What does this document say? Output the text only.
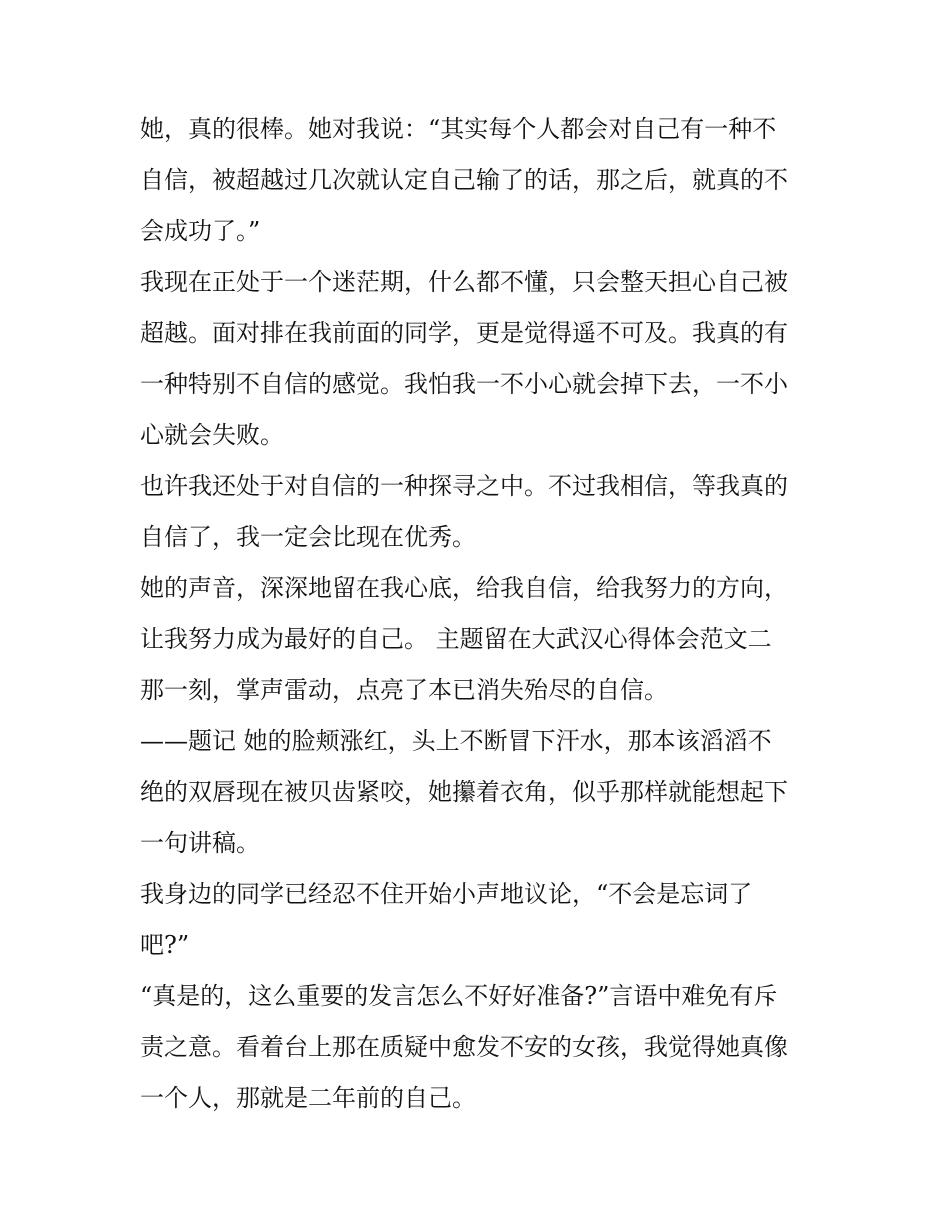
她，真的很棒。她对我说：“其实每个人都会对自己有一种不
自信，被超越过几次就认定自己输了的话，那之后，就真的不
会成功了。”
我现在正处于一个迷茫期，什么都不懂，只会整天担心自己被
超越。面对排在我前面的同学，更是觉得遥不可及。我真的有
一种特别不自信的感觉。我怕我一不小心就会掉下去，一不小
心就会失败。
也许我还处于对自信的一种探寻之中。不过我相信，等我真的
自信了，我一定会比现在优秀。
她的声音，深深地留在我心底，给我自信，给我努力的方向，
让我努力成为最好的自己。 主题留在大武汉心得体会范文二
那一刻，掌声雷动，点亮了本已消失殆尽的自信。
——题记 她的脸颊涨红，头上不断冒下汗水，那本该滔滔不
绝的双唇现在被贝齿紧咬，她攥着衣角，似乎那样就能想起下
一句讲稿。
我身边的同学已经忍不住开始小声地议论，“不会是忘词了
吧?”
“真是的，这么重要的发言怎么不好好准备?”言语中难免有斥
责之意。看着台上那在质疑中愈发不安的女孩，我觉得她真像
一个人，那就是二年前的自己。
